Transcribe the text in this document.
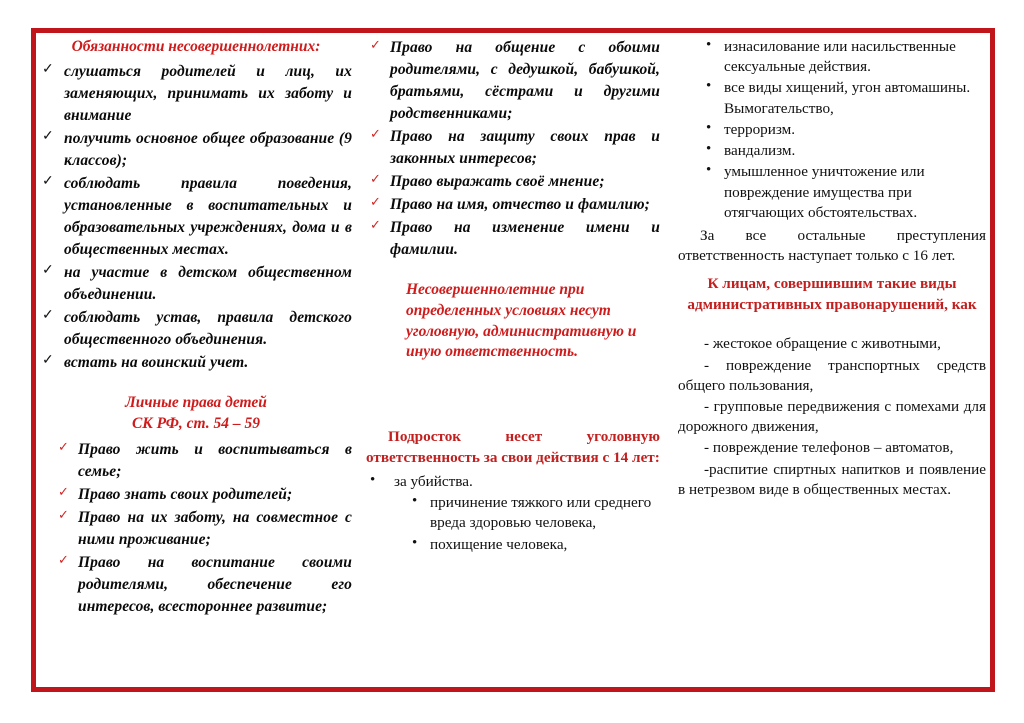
Обязанности несовершеннолетних:
✓ слушаться родителей и лиц, их заменяющих, принимать их заботу и внимание
✓ получить основное общее образование (9 классов);
✓ соблюдать правила поведения, установленные в воспитательных и образовательных учреждениях, дома и в общественных местах.
✓ на участие в детском общественном объединении.
✓ соблюдать устав, правила детского общественного объединения.
✓ встать на воинский учет.
Личные права детей
СК РФ, ст. 54 – 59
✓ Право жить и воспитываться в семье;
✓ Право знать своих родителей;
✓ Право на их заботу, на совместное с ними проживание;
✓ Право на воспитание своими родителями, обеспечение его интересов, всестороннее развитие;
✓ Право на общение с обоими родителями, с дедушкой, бабушкой, братьями, сёстрами и другими родственниками;
✓ Право на защиту своих прав и законных интересов;
✓ Право выражать своё мнение;
✓ Право на имя, отчество и фамилию;
✓ Право на изменение имени и фамилии.
Несовершеннолетние при определенных условиях несут уголовную, административную и иную ответственность.
Подросток несет уголовную ответственность за свои действия с 14 лет:
• за убийства.
• причинение тяжкого или среднего вреда здоровью человека,
• похищение человека,
• изнасилование или насильственные сексуальные действия.
• все виды хищений, угон автомашины. Вымогательство,
• терроризм.
• вандализм.
• умышленное уничтожение или повреждение имущества при отягчающих обстоятельствах.
За все остальные преступления ответственность наступает только с 16 лет.
К лицам, совершившим такие виды административных правонарушений, как
- жестокое обращение с животными,
- повреждение транспортных средств общего пользования,
- групповые передвижения с помехами для дорожного движения,
- повреждение телефонов – автоматов,
-распитие спиртных напитков и появление в нетрезвом виде в общественных местах.
